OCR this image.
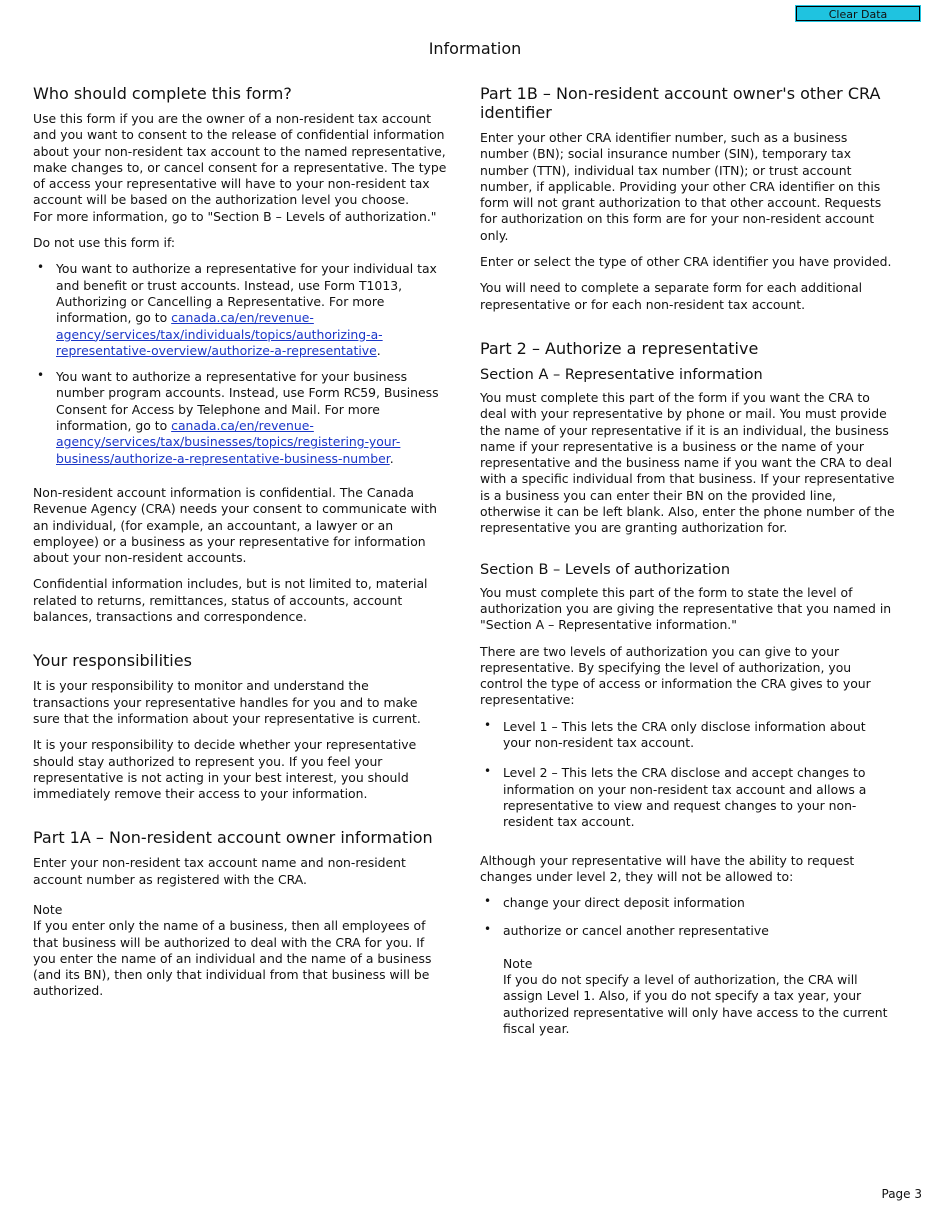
Clear Data
Information
Who should complete this form?

Use this form if you are the owner of a non-resident tax account and you want to consent to the release of confidential information about your non-resident tax account to the named representative, make changes to, or cancel consent for a representative. The type of access your representative will have to your non-resident tax account will be based on the authorization level you choose.
For more information, go to "Section B – Levels of authorization."

Do not use this form if:

• You want to authorize a representative for your individual tax and benefit or trust accounts. Instead, use Form T1013, Authorizing or Cancelling a Representative. For more information, go to canada.ca/en/revenue-agency/services/tax/individuals/topics/authorizing-a-representative-overview/authorize-a-representative.
• You want to authorize a representative for your business number program accounts. Instead, use Form RC59, Business Consent for Access by Telephone and Mail. For more information, go to canada.ca/en/revenue-agency/services/tax/businesses/topics/registering-your-business/authorize-a-representative-business-number.

Non-resident account information is confidential. The Canada Revenue Agency (CRA) needs your consent to communicate with an individual, (for example, an accountant, a lawyer or an employee) or a business as your representative for information about your non-resident accounts.

Confidential information includes, but is not limited to, material related to returns, remittances, status of accounts, account balances, transactions and correspondence.

Your responsibilities

It is your responsibility to monitor and understand the transactions your representative handles for you and to make sure that the information about your representative is current.

It is your responsibility to decide whether your representative should stay authorized to represent you. If you feel your representative is not acting in your best interest, you should immediately remove their access to your information.

Part 1A – Non-resident account owner information

Enter your non-resident tax account name and non-resident account number as registered with the CRA.

Note
If you enter only the name of a business, then all employees of that business will be authorized to deal with the CRA for you. If you enter the name of an individual and the name of a business (and its BN), then only that individual from that business will be authorized.

Part 1B – Non-resident account owner's other CRA identifier

Enter your other CRA identifier number, such as a business number (BN); social insurance number (SIN), temporary tax number (TTN), individual tax number (ITN); or trust account number, if applicable. Providing your other CRA identifier on this form will not grant authorization to that other account. Requests for authorization on this form are for your non-resident account only.

Enter or select the type of other CRA identifier you have provided.

You will need to complete a separate form for each additional representative or for each non-resident tax account.

Part 2 – Authorize a representative
Section A – Representative information

You must complete this part of the form if you want the CRA to deal with your representative by phone or mail. You must provide the name of your representative if it is an individual, the business name if your representative is a business or the name of your representative and the business name if you want the CRA to deal with a specific individual from that business. If your representative is a business you can enter their BN on the provided line, otherwise it can be left blank. Also, enter the phone number of the representative you are granting authorization for.

Section B – Levels of authorization

You must complete this part of the form to state the level of authorization you are giving the representative that you named in "Section A – Representative information."

There are two levels of authorization you can give to your representative. By specifying the level of authorization, you control the type of access or information the CRA gives to your representative:

• Level 1 – This lets the CRA only disclose information about your non-resident tax account.
• Level 2 – This lets the CRA disclose and accept changes to information on your non-resident tax account and allows a representative to view and request changes to your non-resident tax account.

Although your representative will have the ability to request changes under level 2, they will not be allowed to:

• change your direct deposit information
• authorize or cancel another representative

Note
If you do not specify a level of authorization, the CRA will assign Level 1. Also, if you do not specify a tax year, your authorized representative will only have access to the current fiscal year.

Page 3
